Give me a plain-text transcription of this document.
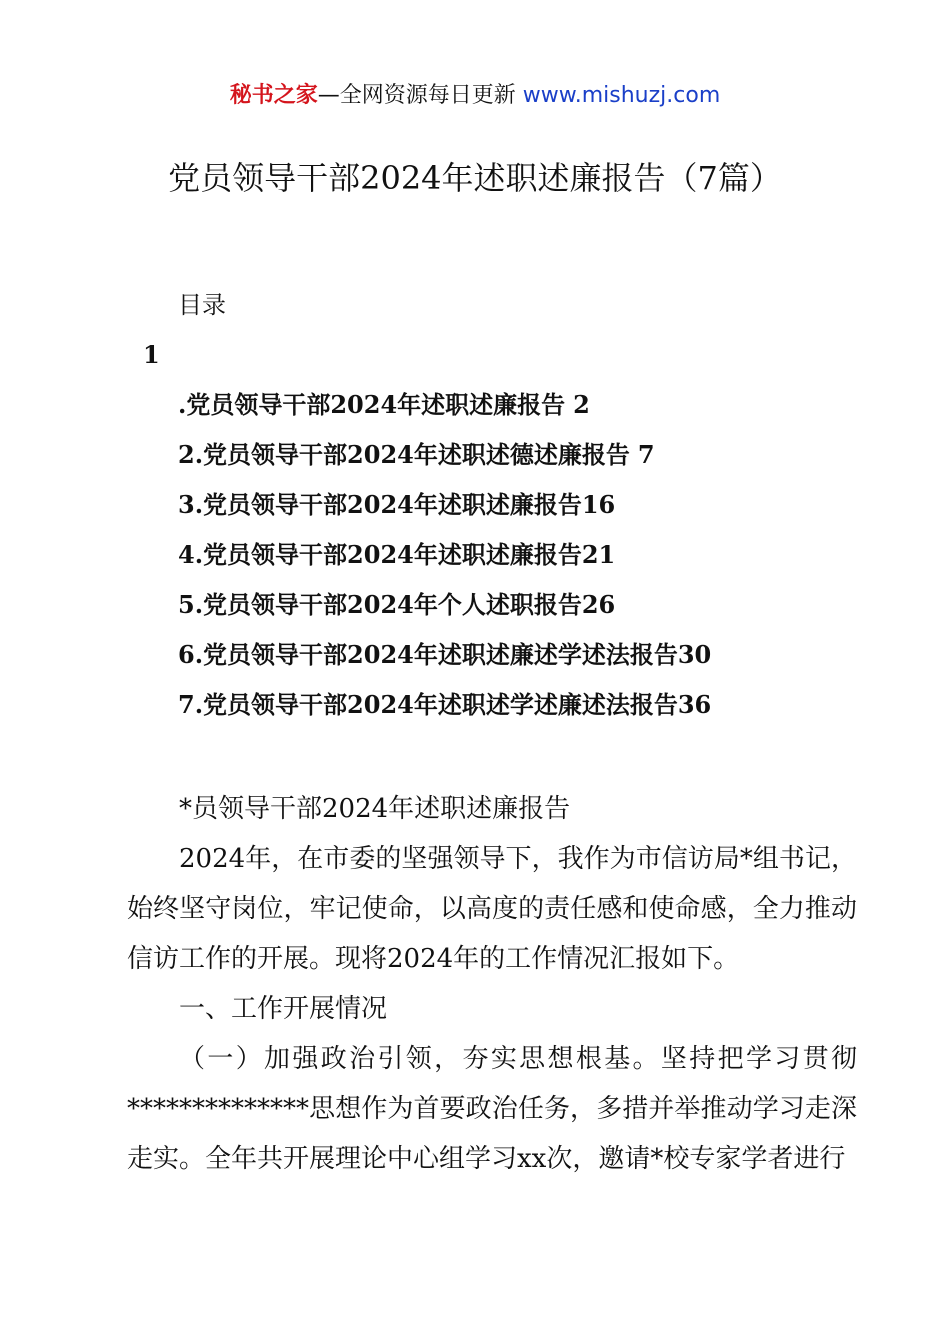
秘书之家—全网资源每日更新 www.mishuzj.com
党员领导干部2024年述职述廉报告（7篇）
目录
1
.党员领导干部2024年述职述廉报告 2
2.党员领导干部2024年述职述德述廉报告 7
3.党员领导干部2024年述职述廉报告16
4.党员领导干部2024年述职述廉报告21
5.党员领导干部2024年个人述职报告26
6.党员领导干部2024年述职述廉述学述法报告30
7.党员领导干部2024年述职述学述廉述法报告36

*员领导干部2024年述职述廉报告

2024年，在市委的坚强领导下，我作为市信访局*组书记，始终坚守岗位，牢记使命，以高度的责任感和使命感，全力推动信访工作的开展。现将2024年的工作情况汇报如下。

一、工作开展情况

（一）加强政治引领，夯实思想根基。坚持把学习贯彻**************思想作为首要政治任务，多措并举推动学习走深走实。全年共开展理论中心组学习xx次，邀请*校专家学者进行
